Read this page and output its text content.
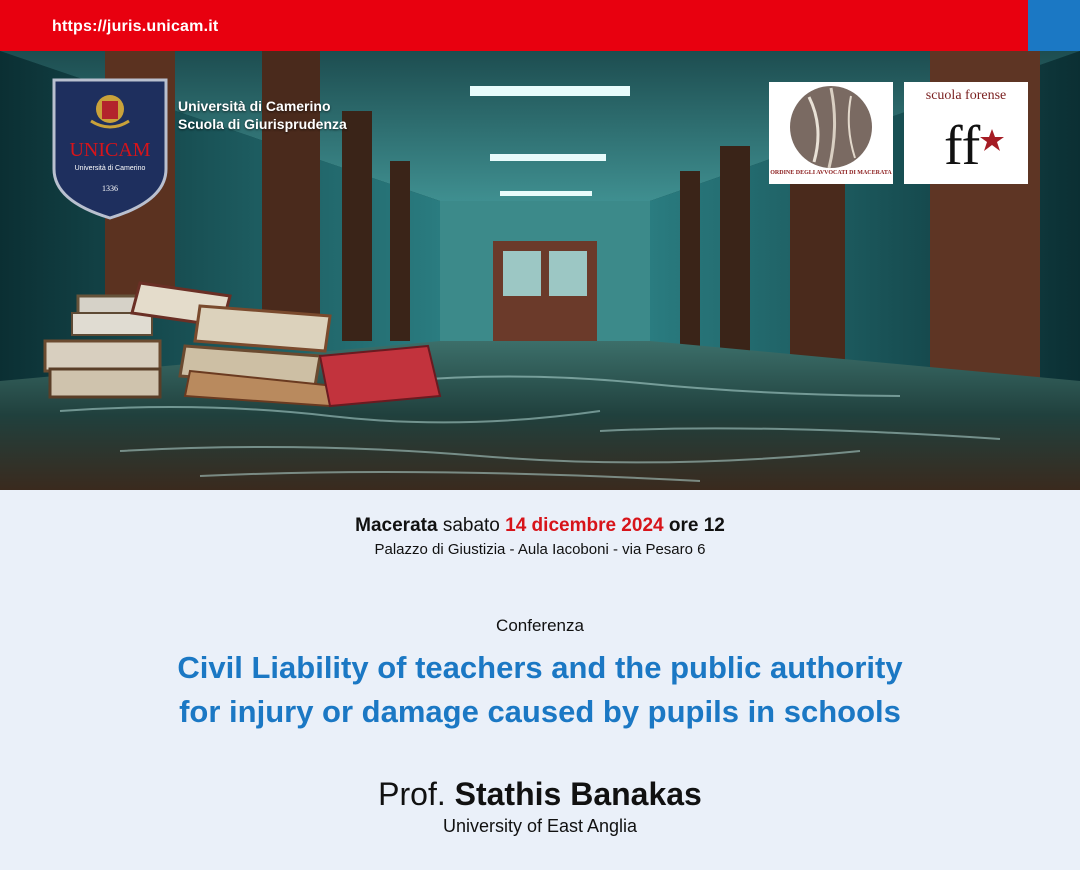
https://juris.unicam.it
UNICAM
Università di Camerino
1336
Università di Camerino
Scuola di Giurisprudenza
ORDINE DEGLI AVVOCATI DI MACERATA
scuola forense
ff
Macerata sabato 14 dicembre 2024 ore 12
Palazzo di Giustizia - Aula Iacoboni - via Pesaro 6
Conferenza
Civil Liability of teachers and the public authority
for injury or damage caused by pupils in schools
Prof. Stathis Banakas
University of East Anglia
